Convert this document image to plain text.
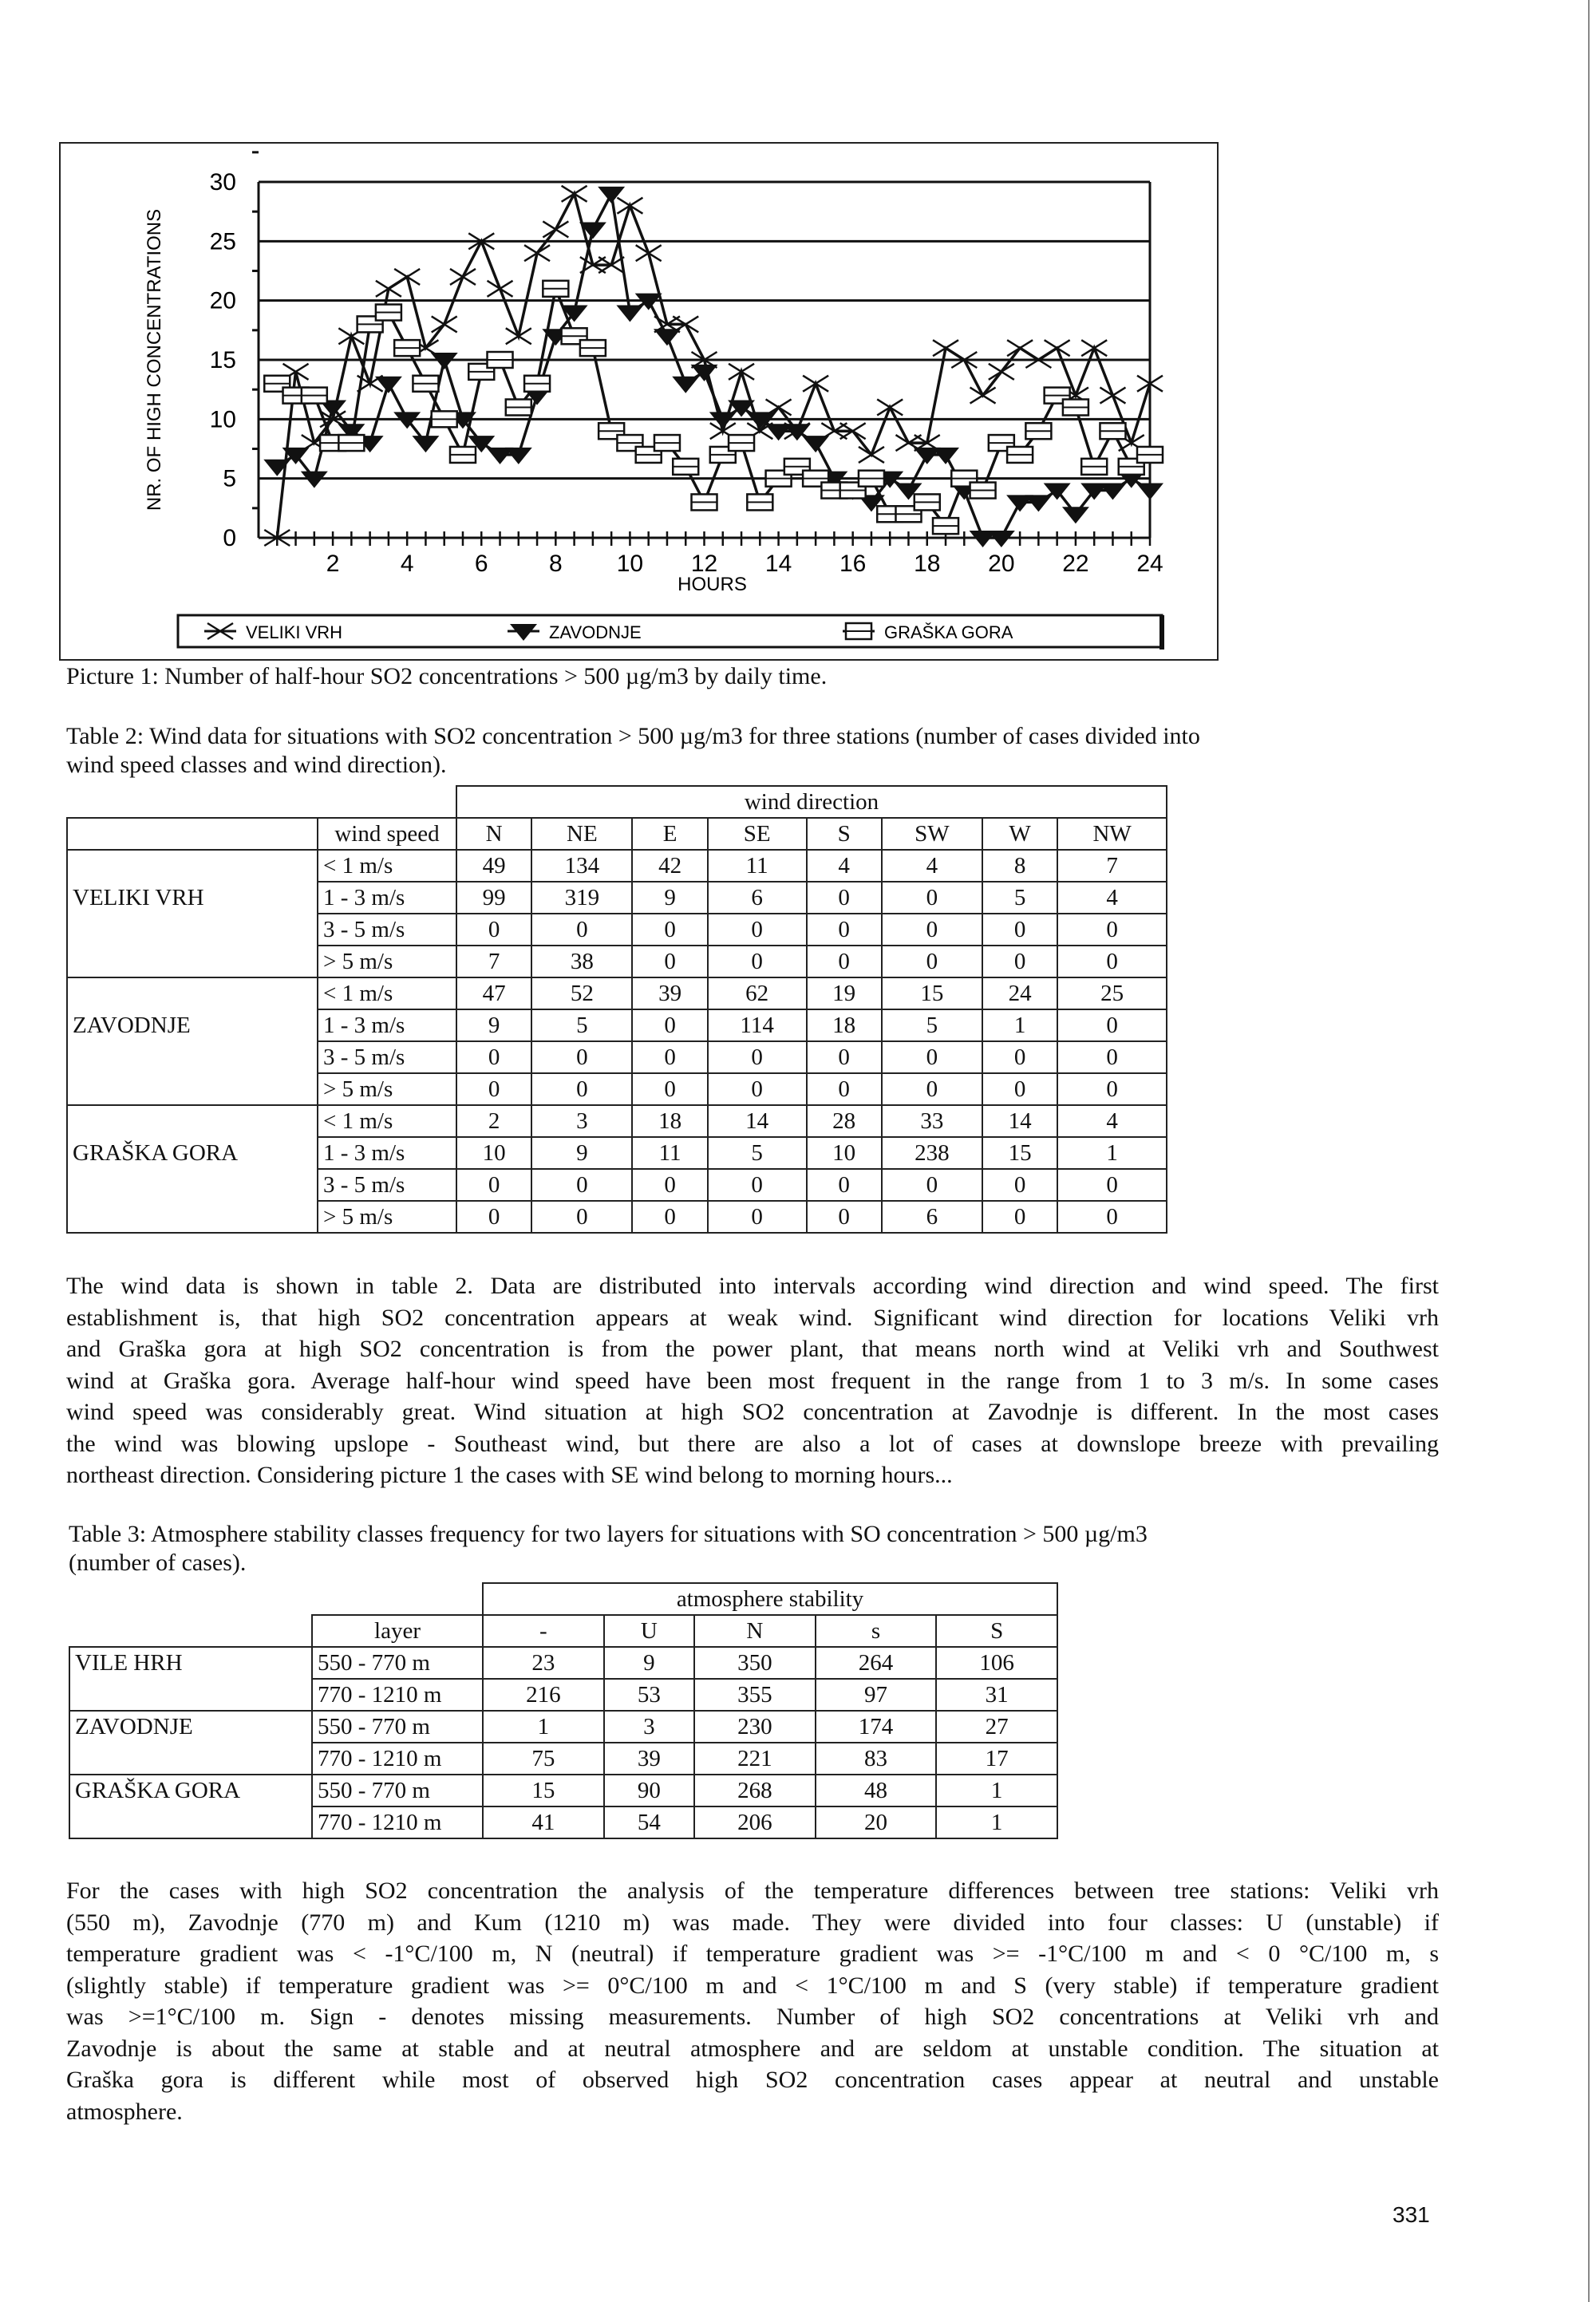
0
5
10
15
20
25
30
2	4	6	8 10 12 14 16 18 20 22 24
HOURS
NR. OF HIGH CONCENTRATIONS
VELIKI VRH	ZAVODNJE	GRAŠKA GORA
Picture 1: Number of half-hour SO2 concentrations > 500 µg/m3 by daily time.
Table 2: Wind data for situations with SO2 concentration > 500 µg/m3 for three stations (number of cases divided into
wind speed classes and wind direction).
		wind direction							
	wind speed	N	NE	E	SE	S	SW	W	NW
	< 1 m/s	49	134	42	11	4	4	8	7
VELIKI VRH	1 - 3 m/s	99	319	9	6	0	0	5	4
	3 - 5 m/s	0	0	0	0	0	0	0	0
	> 5 m/s	7	38	0	0	0	0	0	0
	< 1 m/s	47	52	39	62	19	15	24	25
ZAVODNJE	1 - 3 m/s	9	5	0	114	18	5	1	0
	3 - 5 m/s	0	0	0	0	0	0	0	0
	> 5 m/s	0	0	0	0	0	0	0	0
	< 1 m/s	2	3	18	14	28	33	14	4
GRAŠKA GORA	1 - 3 m/s	10	9	11	5	10	238	15	1
	3 - 5 m/s	0	0	0	0	0	0	0	0
	> 5 m/s	0	0	0	0	0	6	0	0
The wind data is shown in table 2. Data are distributed into intervals according wind direction and wind speed. The first
establishment is, that high SO2 concentration appears at weak wind. Significant wind direction for locations Veliki vrh
and Graška gora at high SO2 concentration is from the power plant, that means north wind at Veliki vrh and Southwest
wind at Graška gora. Average half-hour wind speed have been most frequent in the range from 1 to 3 m/s. In some cases
wind speed was considerably great. Wind situation at high SO2 concentration at Zavodnje is different. In the most cases
the wind was blowing upslope - Southeast wind, but there are also a lot of cases at downslope breeze with prevailing
northeast direction. Considering picture 1 the cases with SE wind belong to morning hours...
Table 3: Atmosphere stability classes frequency for two layers for situations with SO concentration > 500 µg/m3
(number of cases).
		atmosphere stability				
	layer	-	U	N	s	S
VILE HRH	550 - 770 m	23	9	350	264	106
	770 - 1210 m	216	53	355	97	31
ZAVODNJE	550 - 770 m	1	3	230	174	27
	770 - 1210 m	75	39	221	83	17
GRAŠKA GORA	550 - 770 m	15	90	268	48	1
	770 - 1210 m	41	54	206	20	1
For the cases with high SO2 concentration the analysis of the temperature differences between tree stations: Veliki vrh
(550 m), Zavodnje (770 m) and Kum (1210 m) was made. They were divided into four classes: U (unstable) if
temperature gradient was < -1°C/100 m, N (neutral) if temperature gradient was >= -1°C/100 m and < 0 °C/100 m, s
(slightly stable) if temperature gradient was >= 0°C/100 m and < 1°C/100 m and S (very stable) if temperature gradient
was >=1°C/100 m. Sign - denotes missing measurements. Number of high SO2 concentrations at Veliki vrh and
Zavodnje is about the same at stable and at neutral atmosphere and are seldom at unstable condition. The situation at
Graška gora is different while most of observed high SO2 concentration cases appear at neutral and unstable
atmosphere.
331
